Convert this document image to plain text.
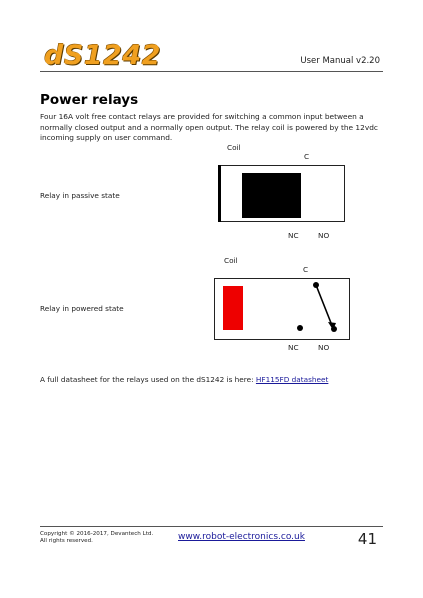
dS1242	User Manual v2.20
Power relays
Four 16A volt free contact relays are provided for switching a common input between a normally closed output and a normally open output. The relay coil is powered by the 12vdc incoming supply on user command.
Coil
C
Relay in passive state
NC	NO
Coil
C
Relay in powered state
NC	NO
A full datasheet for the relays used on the dS1242 is here: HF115FD datasheet
Copyright © 2016-2017, Devantech Ltd.
All rights reserved.	www.robot-electronics.co.uk	41
